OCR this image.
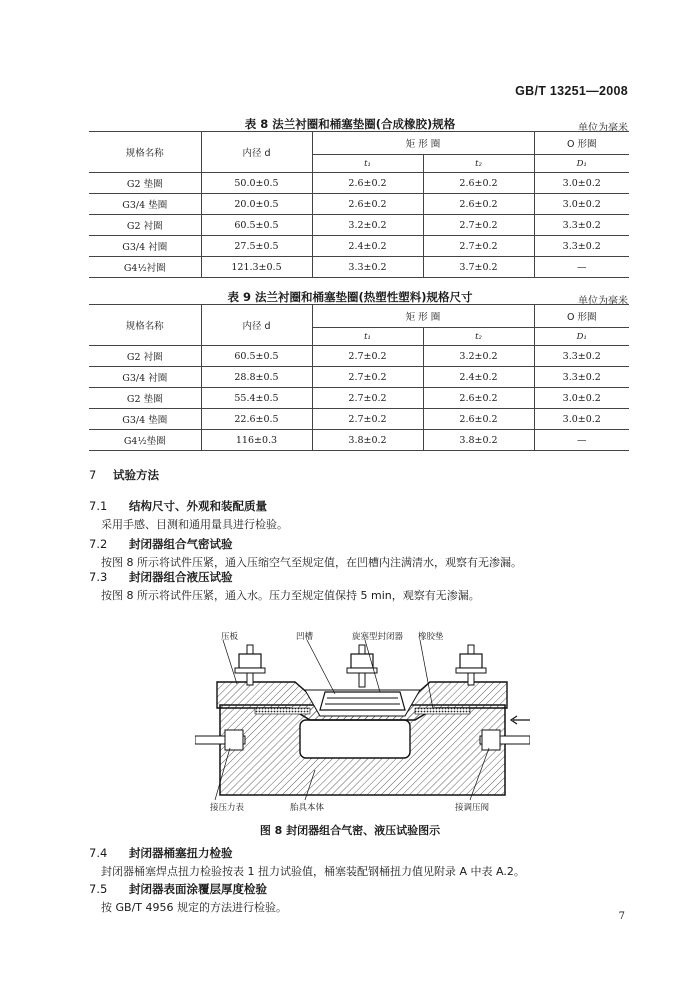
GB/T 13251—2008
表 8 法兰衬圈和桶塞垫圈(合成橡胶)规格	单位为毫米
规格名称	内径 d	矩 形 圈		O 形圈
		t₁	t₂	D₁
G2 垫圈	50.0±0.5	2.6±0.2	2.6±0.2	3.0±0.2
G3/4 垫圈	20.0±0.5	2.6±0.2	2.6±0.2	3.0±0.2
G2 衬圈	60.5±0.5	3.2±0.2	2.7±0.2	3.3±0.2
G3/4 衬圈	27.5±0.5	2.4±0.2	2.7±0.2	3.3±0.2
G4½衬圈	121.3±0.5	3.3±0.2	3.7±0.2	—
表 9 法兰衬圈和桶塞垫圈(热塑性塑料)规格尺寸	单位为毫米
规格名称	内径 d	矩 形 圈		O 形圈
		t₁	t₂	D₁
G2 衬圈	60.5±0.5	2.7±0.2	3.2±0.2	3.3±0.2
G3/4 衬圈	28.8±0.5	2.7±0.2	2.4±0.2	3.3±0.2
G2 垫圈	55.4±0.5	2.7±0.2	2.6±0.2	3.0±0.2
G3/4 垫圈	22.6±0.5	2.7±0.2	2.6±0.2	3.0±0.2
G4½垫圈	116±0.3	3.8±0.2	3.8±0.2	—
7 试验方法
7.1 结构尺寸、外观和装配质量
采用手感、目测和通用量具进行检验。
7.2 封闭器组合气密试验
按图 8 所示将试件压紧，通入压缩空气至规定值，在凹槽内注满清水，观察有无渗漏。
7.3 封闭器组合液压试验
按图 8 所示将试件压紧，通入水。压力至规定值保持 5 min，观察有无渗漏。
压板	凹槽	旋塞型封闭器 橡胶垫
接压力表	胎具本体	接调压阀
图 8 封闭器组合气密、液压试验图示
7.4 封闭器桶塞扭力检验
封闭器桶塞焊点扭力检验按表 1 扭力试验值，桶塞装配钢桶扭力值见附录 A 中表 A.2。
7.5 封闭器表面涂覆层厚度检验
按 GB/T 4956 规定的方法进行检验。
7
